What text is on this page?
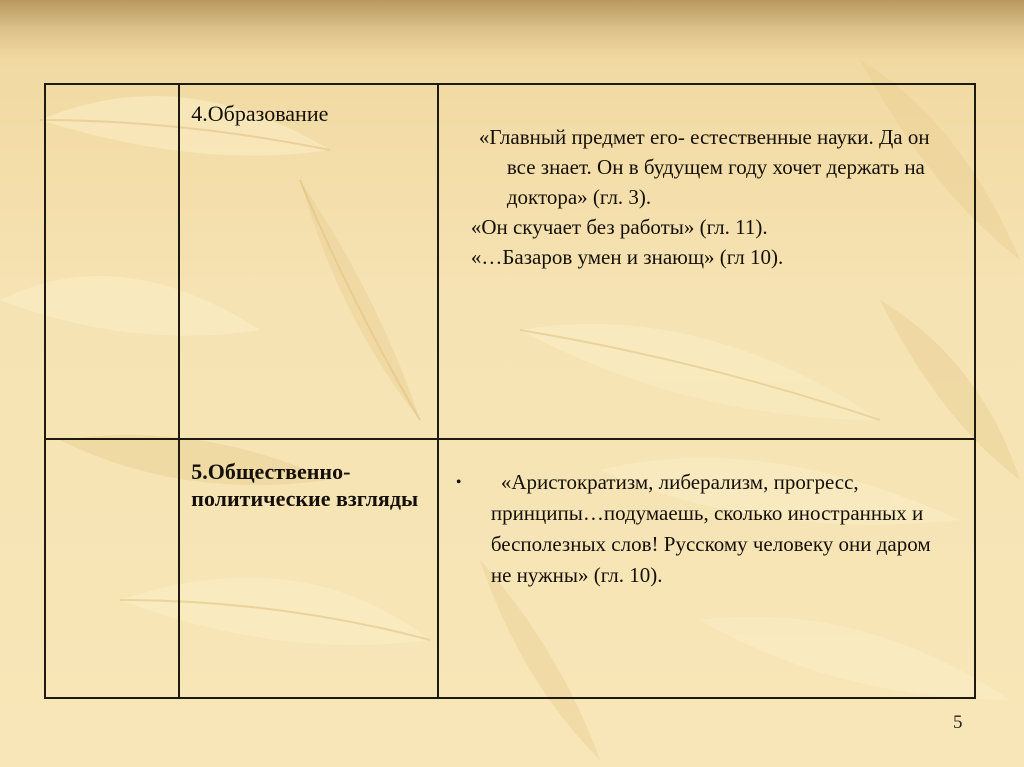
	4.Образование	«Главный предмет его- естественные науки. Да он все знает. Он в будущем году хочет держать на доктора» (гл. 3).

«Он скучает без работы» (гл. 11).

«…Базаров умен и знающ» (гл 10).

	5.Общественно-политические взгляды	• «Аристократизм, либерализм, прогресс, принципы…подумаешь, сколько иностранных и бесполезных слов! Русскому человеку они даром не нужны» (гл. 10).
5
